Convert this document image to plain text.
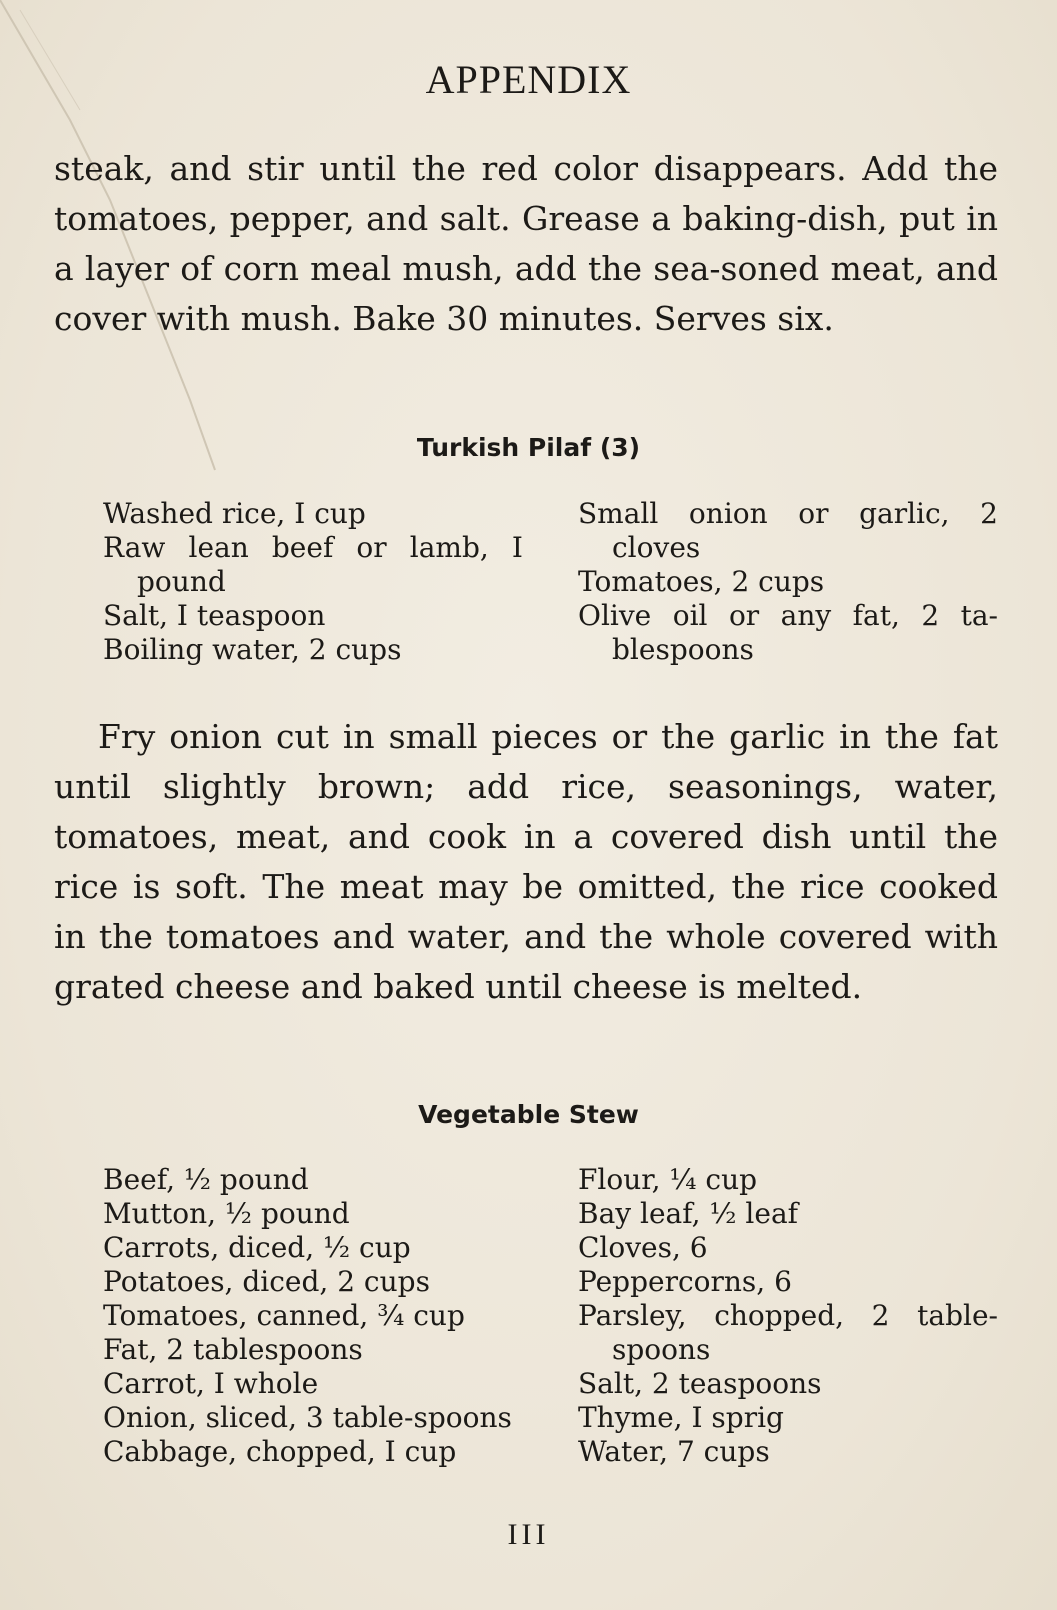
APPENDIX

steak, and stir until the red color disappears. Add the tomatoes, pepper, and salt. Grease a baking-dish, put in a layer of corn meal mush, add the sea-soned meat, and cover with mush. Bake 30 minutes. Serves six.

Turkish Pilaf (3)
Washed rice, I cup
Raw lean beef or lamb, I pound
Salt, I teaspoon
Boiling water, 2 cups
Small onion or garlic, 2 cloves
Tomatoes, 2 cups
Olive oil or any fat, 2 ta-blespoons

Fry onion cut in small pieces or the garlic in the fat until slightly brown; add rice, seasonings, water, tomatoes, meat, and cook in a covered dish until the rice is soft. The meat may be omitted, the rice cooked in the tomatoes and water, and the whole covered with grated cheese and baked until cheese is melted.

Vegetable Stew
Beef, ½ pound
Mutton, ½ pound
Carrots, diced, ½ cup
Potatoes, diced, 2 cups
Tomatoes, canned, ¾ cup
Fat, 2 tablespoons
Carrot, I whole
Onion, sliced, 3 table-spoons
Cabbage, chopped, I cup
Flour, ¼ cup
Bay leaf, ½ leaf
Cloves, 6
Peppercorns, 6
Parsley, chopped, 2 table-spoons
Salt, 2 teaspoons
Thyme, I sprig
Water, 7 cups
III
